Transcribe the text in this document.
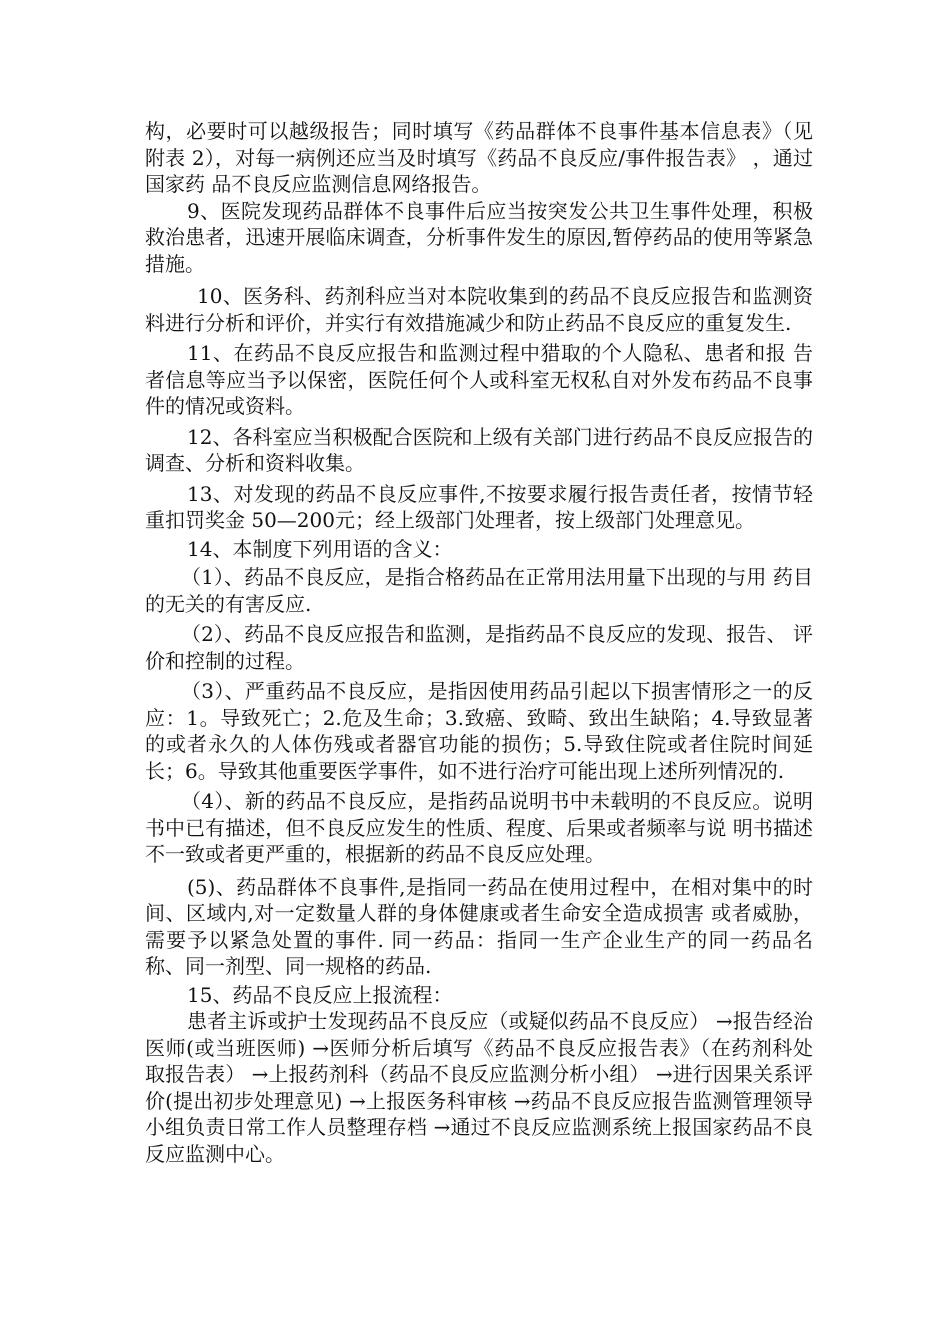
构，必要时可以越级报告；同时填写《药品群体不良事件基本信息表》（见附表 2），对每一病例还应当及时填写《药品不良反应/事件报告表》 ，通过国家药 品不良反应监测信息网络报告。

9、医院发现药品群体不良事件后应当按突发公共卫生事件处理，积极救治患者，迅速开展临床调查，分析事件发生的原因,暂停药品的使用等紧急措施。

10、医务科、药剂科应当对本院收集到的药品不良反应报告和监测资料进行分析和评价，并实行有效措施减少和防止药品不良反应的重复发生.

11、在药品不良反应报告和监测过程中猎取的个人隐私、患者和报 告者信息等应当予以保密，医院任何个人或科室无权私自对外发布药品不良事件的情况或资料。

12、各科室应当积极配合医院和上级有关部门进行药品不良反应报告的调查、分析和资料收集。

13、对发现的药品不良反应事件,不按要求履行报告责任者，按情节轻重扣罚奖金 50—200元；经上级部门处理者，按上级部门处理意见。

14、本制度下列用语的含义：

（1）、药品不良反应，是指合格药品在正常用法用量下出现的与用 药目的无关的有害反应.

（2）、药品不良反应报告和监测，是指药品不良反应的发现、报告、 评价和控制的过程。

（3）、严重药品不良反应，是指因使用药品引起以下损害情形之一的反应：1。导致死亡；2.危及生命；3.致癌、致畸、致出生缺陷；4.导致显著的或者永久的人体伤残或者器官功能的损伤；5.导致住院或者住院时间延长；6。导致其他重要医学事件，如不进行治疗可能出现上述所列情况的.

（4）、新的药品不良反应，是指药品说明书中未载明的不良反应。说明书中已有描述，但不良反应发生的性质、程度、后果或者频率与说 明书描述不一致或者更严重的，根据新的药品不良反应处理。

(5)、药品群体不良事件,是指同一药品在使用过程中，在相对集中的时间、区域内,对一定数量人群的身体健康或者生命安全造成损害 或者威胁，需要予以紧急处置的事件. 同一药品：指同一生产企业生产的同一药品名称、同一剂型、同一规格的药品.

15、药品不良反应上报流程：

患者主诉或护士发现药品不良反应（或疑似药品不良反应） →报告经治医师(或当班医师) →医师分析后填写《药品不良反应报告表》（在药剂科处取报告表） →上报药剂科（药品不良反应监测分析小组） →进行因果关系评价(提出初步处理意见) →上报医务科审核 →药品不良反应报告监测管理领导小组负责日常工作人员整理存档 →通过不良反应监测系统上报国家药品不良反应监测中心。
